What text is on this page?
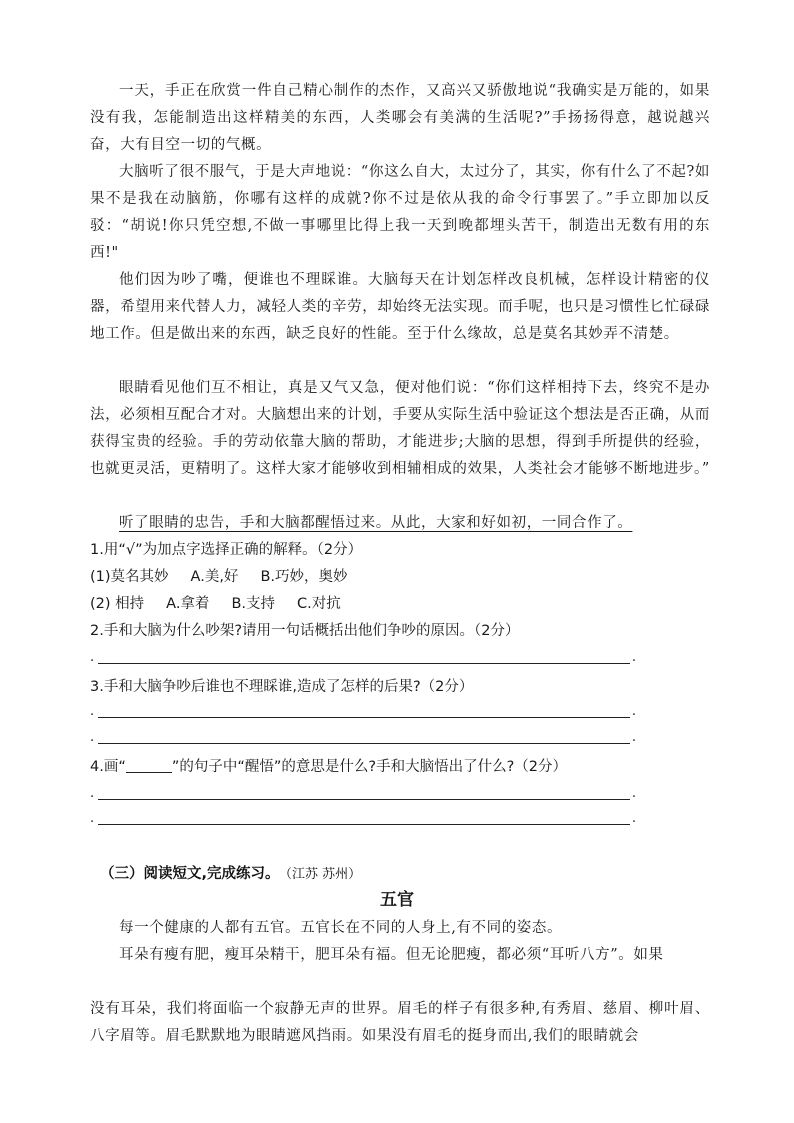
一天，手正在欣赏一件自己精心制作的杰作，又高兴又骄傲地说“我确实是万能的，如果没有我，怎能制造出这样精美的东西，人类哪会有美满的生活呢?”手扬扬得意，越说越兴奋，大有目空一切的气概。

大脑听了很不服气，于是大声地说：“你这么自大，太过分了，其实，你有什么了不起?如果不是我在动脑筋，你哪有这样的成就?你不过是依从我的命令行事罢了。”手立即加以反驳：“胡说!你只凭空想,不做一事哪里比得上我一天到晚都埋头苦干，制造出无数有用的东西!"

他们因为吵了嘴，便谁也不理睬谁。大脑每天在计划怎样改良机械，怎样设计精密的仪器，希望用来代替人力，减轻人类的辛劳，却始终无法实现。而手呢，也只是习惯性匕忙碌碌地工作。但是做出来的东西，缺乏良好的性能。至于什么缘故，总是莫名其妙弄不清楚。

眼睛看见他们互不相让，真是又气又急，便对他们说：“你们这样相持下去，终究不是办法，必须相互配合才对。大脑想出来的计划，手要从实际生活中验证这个想法是否正确，从而获得宝贵的经验。手的劳动依靠大脑的帮助，才能进步;大脑的思想，得到手所提供的经验，也就更灵活，更精明了。这样大家才能够收到相辅相成的效果，人类社会才能够不断地进步。”

听了眼睛的忠告，手和大脑都醒悟过来。从此，大家和好如初，一同合作了。

1.用“√”为加点字选择正确的解释。（2分）
(1)莫名其妙 A.美,好 B.巧妙，奥妙
(2) 相持 A.拿着 B.支持 C.对抗
2.手和大脑为什么吵架?请用一句话概括出他们争吵的原因。（2分）
.	.
3.手和大脑争吵后谁也不理睬谁,造成了怎样的后果?（2分）
.	.
.	.
4.画“	”的句子中“醒悟”的意思是什么?手和大脑悟出了什么?（2分）
.	.
.	.
（三）阅读短文,完成练习。 （江苏 苏州）
五官

每一个健康的人都有五官。五官长在不同的人身上,有不同的姿态。

耳朵有瘦有肥，瘦耳朵精干，肥耳朵有福。但无论肥瘦，都必须“耳听八方”。如果

没有耳朵，我们将面临一个寂静无声的世界。眉毛的样子有很多种,有秀眉、慈眉、柳叶眉、八字眉等。眉毛默默地为眼睛遮风挡雨。如果没有眉毛的挺身而出,我们的眼睛就会
